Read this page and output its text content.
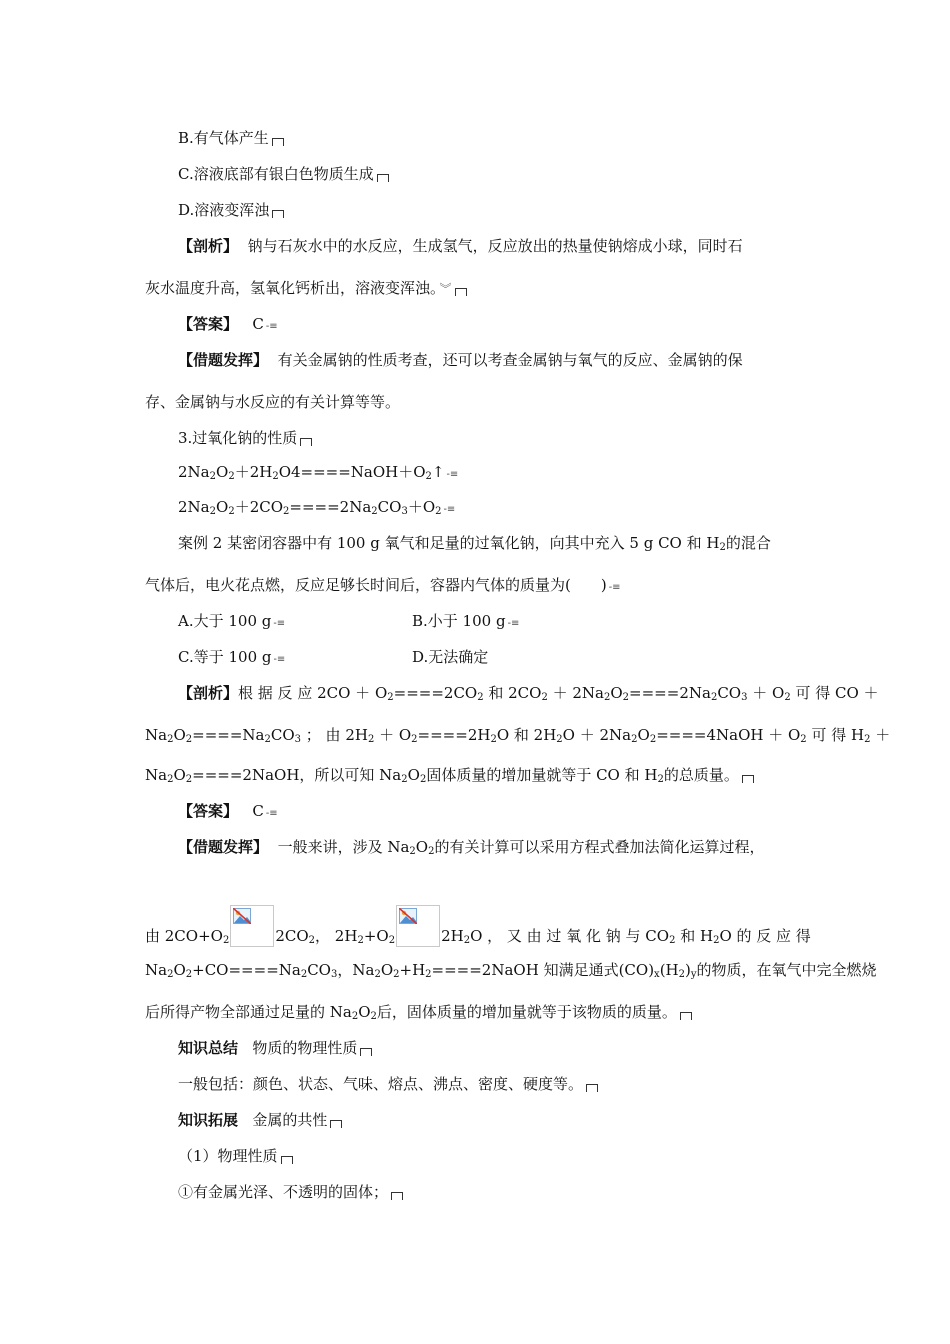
B.有气体产生
C.溶液底部有银白色物质生成
D.溶液变浑浊
【剖析】 钠与石灰水中的水反应，生成氢气，反应放出的热量使钠熔成小球，同时石
灰水温度升高，氢氧化钙析出，溶液变浑浊。 ︾
【答案】 C -≡
【借题发挥】 有关金属钠的性质考查，还可以考查金属钠与氧气的反应、金属钠的保
存、金属钠与水反应的有关计算等等。
3.过氧化钠的性质
$2Na_2O_2+2H_2O4====NaOH+O_2↑$ -≡
$2Na_2O_2+2CO_2====2Na_2CO_3+O_2$ -≡
案例 2 某密闭容器中有 100 g 氧气和足量的过氧化钠，向其中充入 5 g CO 和 $H_2$的混合
气体后，电火花点燃，反应足够长时间后，容器内气体的质量为(　　) -≡
A.大于 100 g -≡	B.小于 100 g -≡
C.等于 100 g -≡	D.无法确定
【剖析】 根 据 反 应 $2CO + O_2====2CO_2$ 和 $2CO_2 + 2Na_2O_2====2Na_2CO_3 + O_2$ 可 得 CO ＋
$Na_2O_2====Na_2CO_3$ ； 由 $2H_2 + O_2====2H_2O$ 和 $2H_2O$ ＋ $2Na_2O_2====4NaOH + O_2$ 可 得 $H_2$ ＋
$Na_2O_2====2NaOH$，所以可知 $Na_2O_2$固体质量的增加量就等于 CO 和 $H_2$的总质量。
【答案】 C -≡
【借题发挥】 一般来讲，涉及 $Na_2O_2$的有关计算可以采用方程式叠加法简化运算过程，
由 $2CO+O_2$	$2CO_2$， $2H_2+O_2$	$2H_2O$ ， 又 由 过 氧 化 钠 与 $CO_2$ 和 $H_2O$ 的 反 应 得
$Na_2O_2+CO====Na_2CO_3$，$Na_2O_2+H_2====2NaOH$ 知满足通式$(CO)_x(H_2)_y$的物质，在氧气中完全燃烧
后所得产物全部通过足量的 $Na_2O_2$后，固体质量的增加量就等于该物质的质量。
知识总结 物质的物理性质
一般包括：颜色、状态、气味、熔点、沸点、密度、硬度等。
知识拓展 金属的共性
（1）物理性质
①有金属光泽、不透明的固体；
